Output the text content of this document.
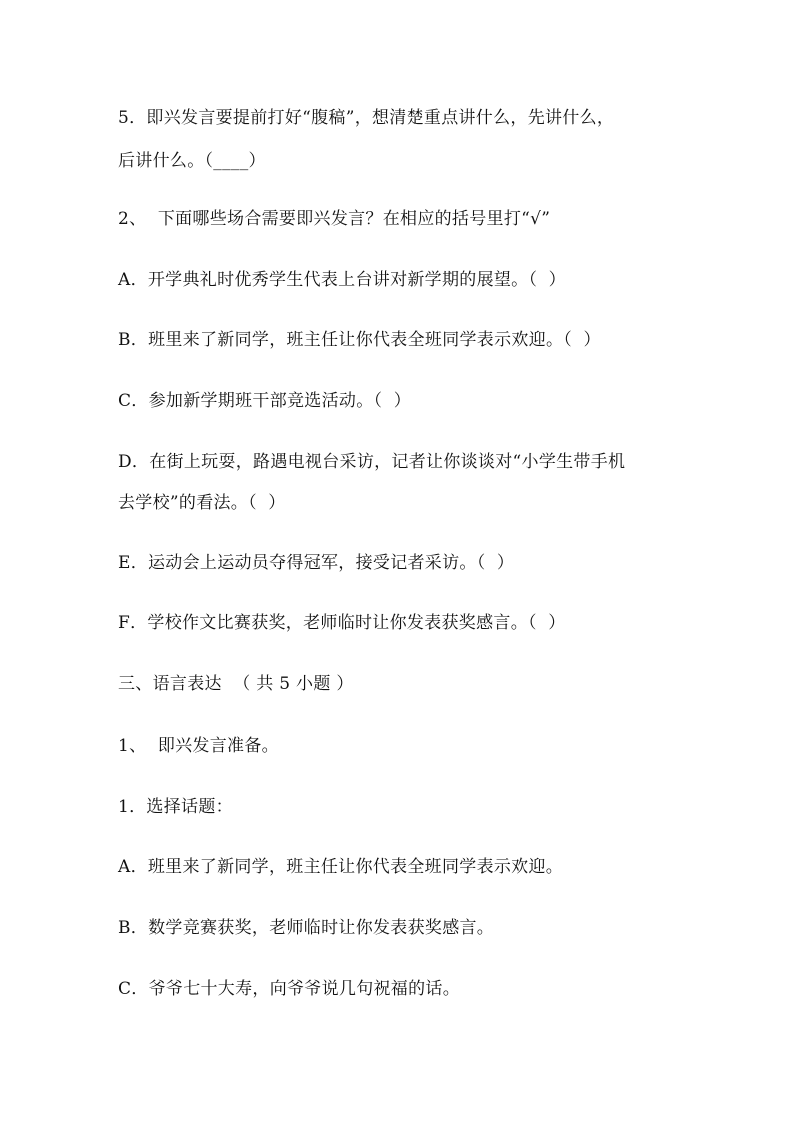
5．即兴发言要提前打好“腹稿”，想清楚重点讲什么，先讲什么，
后讲什么。（____）
2、  下面哪些场合需要即兴发言？在相应的括号里打“√”
A．开学典礼时优秀学生代表上台讲对新学期的展望。（  ）
B．班里来了新同学，班主任让你代表全班同学表示欢迎。（  ）
C．参加新学期班干部竞选活动。（  ）
D．在街上玩耍，路遇电视台采访，记者让你谈谈对“小学生带手机
去学校”的看法。（  ）
E．运动会上运动员夺得冠军，接受记者采访。（  ）
F．学校作文比赛获奖，老师临时让你发表获奖感言。（  ）
三、语言表达  （ 共 5 小题 ）
1、  即兴发言准备。
1．选择话题：
A．班里来了新同学，班主任让你代表全班同学表示欢迎。
B．数学竞赛获奖，老师临时让你发表获奖感言。
C．爷爷七十大寿，向爷爷说几句祝福的话。
